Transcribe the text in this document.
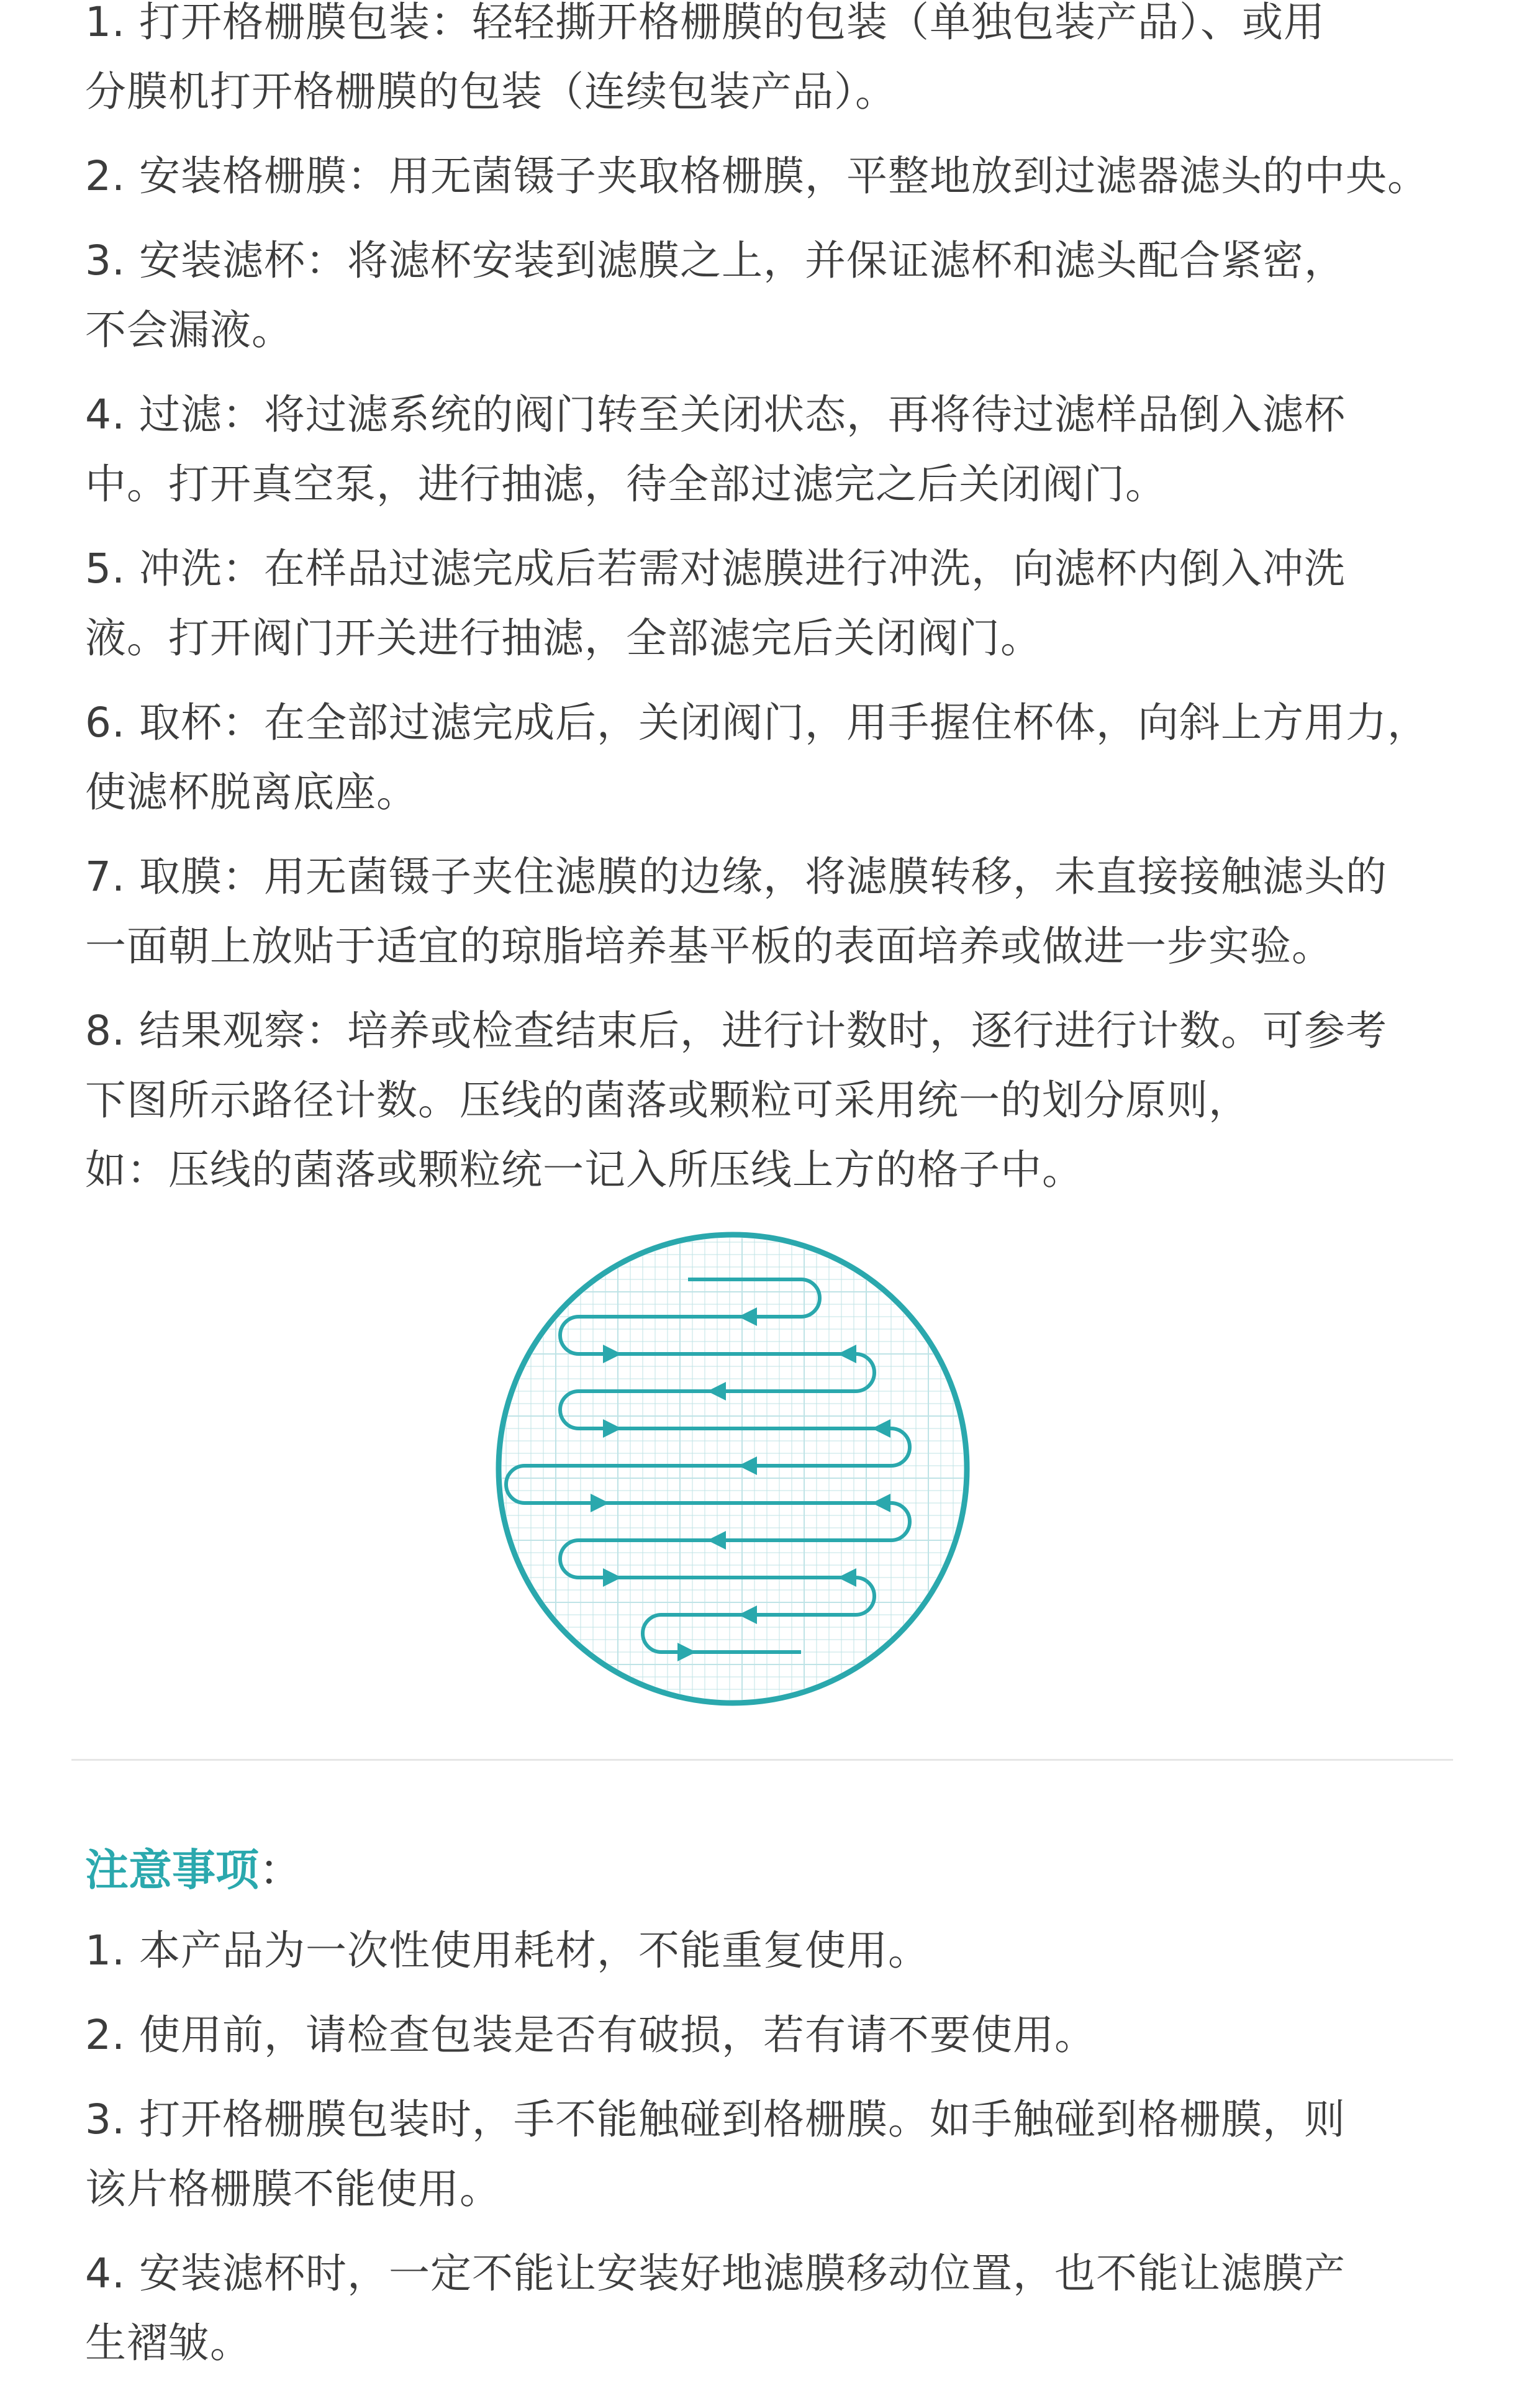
1. 打开格栅膜包装：轻轻撕开格栅膜的包装（单独包装产品）、或用
分膜机打开格栅膜的包装（连续包装产品）。

2. 安装格栅膜：用无菌镊子夹取格栅膜，平整地放到过滤器滤头的中央。

3. 安装滤杯：将滤杯安装到滤膜之上，并保证滤杯和滤头配合紧密，
不会漏液。

4. 过滤：将过滤系统的阀门转至关闭状态，再将待过滤样品倒入滤杯
中。打开真空泵，进行抽滤，待全部过滤完之后关闭阀门。

5. 冲洗：在样品过滤完成后若需对滤膜进行冲洗，向滤杯内倒入冲洗
液。打开阀门开关进行抽滤，全部滤完后关闭阀门。

6. 取杯：在全部过滤完成后，关闭阀门，用手握住杯体，向斜上方用力，
使滤杯脱离底座。

7. 取膜：用无菌镊子夹住滤膜的边缘，将滤膜转移，未直接接触滤头的
一面朝上放贴于适宜的琼脂培养基平板的表面培养或做进一步实验。

8. 结果观察：培养或检查结束后，进行计数时，逐行进行计数。可参考
下图所示路径计数。压线的菌落或颗粒可采用统一的划分原则，
如：压线的菌落或颗粒统一记入所压线上方的格子中。

注意事项：

1. 本产品为一次性使用耗材，不能重复使用。

2. 使用前，请检查包装是否有破损，若有请不要使用。

3. 打开格栅膜包装时，手不能触碰到格栅膜。如手触碰到格栅膜，则
该片格栅膜不能使用。

4. 安装滤杯时，一定不能让安装好地滤膜移动位置，也不能让滤膜产
生褶皱。
